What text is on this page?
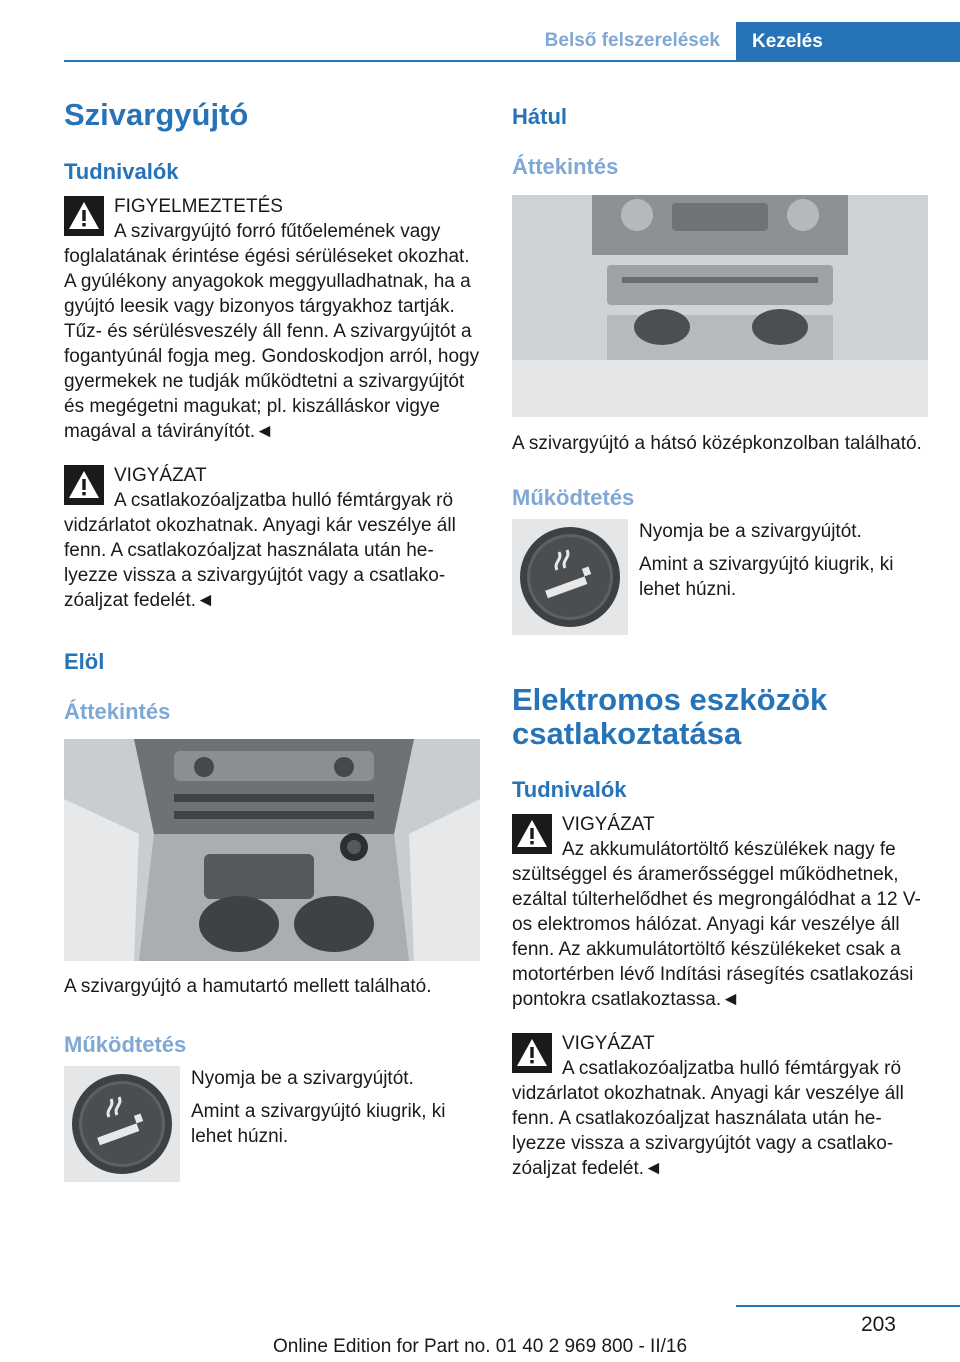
Belső felszerelések	Kezelés
Szivargyújtó
Tudnivalók
FIGYELMEZTETÉS
A szivargyújtó forró fűtőelemének vagy
foglalatának érintése égési sérüléseket okozhat. A gyúlékony anyagokok meggyulladhatnak, ha a gyújtó leesik vagy bizonyos tárgyakhoz tartják. Tűz- és sérülésveszély áll fenn. A szivargyújtót a fogantyúnál fogja meg. Gondoskodjon arról, hogy gyermekek ne tudják működtetni a szivargyújtót és megégetni magukat; pl. kiszálláskor vigye magával a távirányítót.◄
VIGYÁZAT
A csatlakozóaljzatba hulló fémtárgyak rö
vidzárlatot okozhatnak. Anyagi kár veszélye áll fenn. A csatlakozóaljzat használata után helyezze vissza a szivargyújtót vagy a csatlakozóaljzat fedelét.◄
Elöl
Áttekintés
A szivargyújtó a hamutartó mellett található.
Működtetés
Nyomja be a szivargyújtót.
Amint a szivargyújtó kiugrik, ki lehet húzni.
Hátul
Áttekintés
A szivargyújtó a hátsó középkonzolban található.
Működtetés
Nyomja be a szivargyújtót.
Amint a szivargyújtó kiugrik, ki lehet húzni.
Elektromos eszközök csatlakoztatása
Tudnivalók
VIGYÁZAT
Az akkumulátortöltő készülékek nagy fe
szültséggel és áramerősséggel működhetnek, ezáltal túlterhelődhet és megrongálódhat a 12 V-os elektromos hálózat. Anyagi kár veszélye áll fenn. Az akkumulátortöltő készülékeket csak a motortérben lévő Indítási rásegítés csatlakozási pontokra csatlakoztassa.◄
VIGYÁZAT
A csatlakozóaljzatba hulló fémtárgyak rö
vidzárlatot okozhatnak. Anyagi kár veszélye áll fenn. A csatlakozóaljzat használata után helyezze vissza a szivargyújtót vagy a csatlakozóaljzat fedelét.◄
203
Online Edition for Part no. 01 40 2 969 800 - II/16
